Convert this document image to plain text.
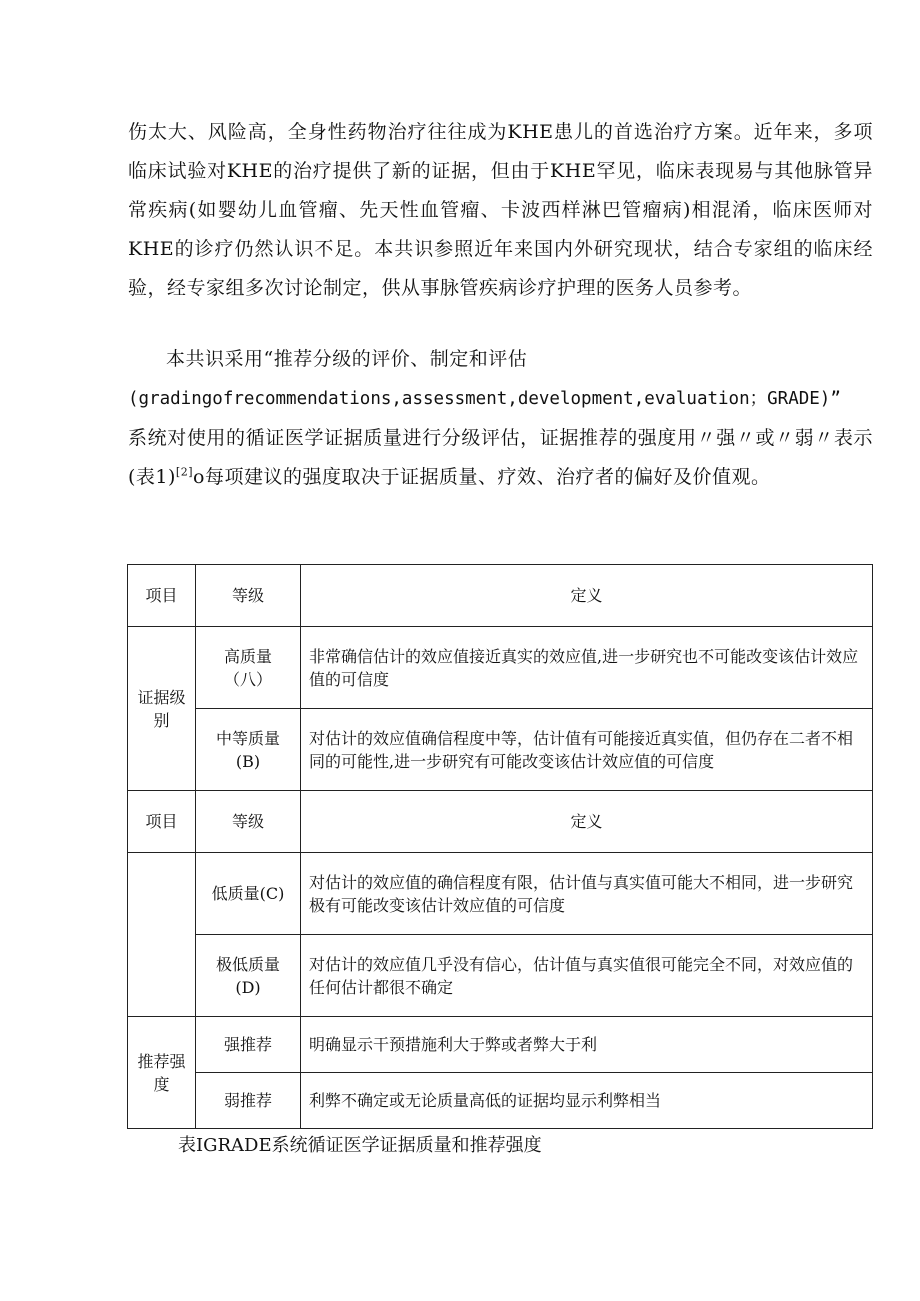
伤太大、风险高，全身性药物治疗往往成为KHE患儿的首选治疗方案。近年来，多项临床试验对KHE的治疗提供了新的证据，但由于KHE罕见，临床表现易与其他脉管异常疾病(如婴幼儿血管瘤、先天性血管瘤、卡波西样淋巴管瘤病)相混淆，临床医师对KHE的诊疗仍然认识不足。本共识参照近年来国内外研究现状，结合专家组的临床经验，经专家组多次讨论制定，供从事脉管疾病诊疗护理的医务人员参考。

本共识采用“推荐分级的评价、制定和评估
(gradingofrecommendations,assessment,development,evaluation；GRADE)”
系统对使用的循证医学证据质量进行分级评估，证据推荐的强度用〃强〃或〃弱〃表示(表1)[2]o每项建议的强度取决于证据质量、疗效、治疗者的偏好及价值观。

项目	等级	定义
证据级别	高质量（八）	非常确信估计的效应值接近真实的效应值,进一步研究也不可能改变该估计效应值的可信度
	中等质量(B)	对估计的效应值确信程度中等，估计值有可能接近真实值，但仍存在二者不相同的可能性,进一步研究有可能改变该估计效应值的可信度
项目	等级	定义
	低质量(C)	对估计的效应值的确信程度有限，估计值与真实值可能大不相同，进一步研究极有可能改变该估计效应值的可信度
	极低质量(D)	对估计的效应值几乎没有信心，估计值与真实值很可能完全不同，对效应值的任何估计都很不确定
推荐强度	强推荐	明确显示干预措施利大于弊或者弊大于利
	弱推荐	利弊不确定或无论质量高低的证据均显示利弊相当

表IGRADE系统循证医学证据质量和推荐强度
